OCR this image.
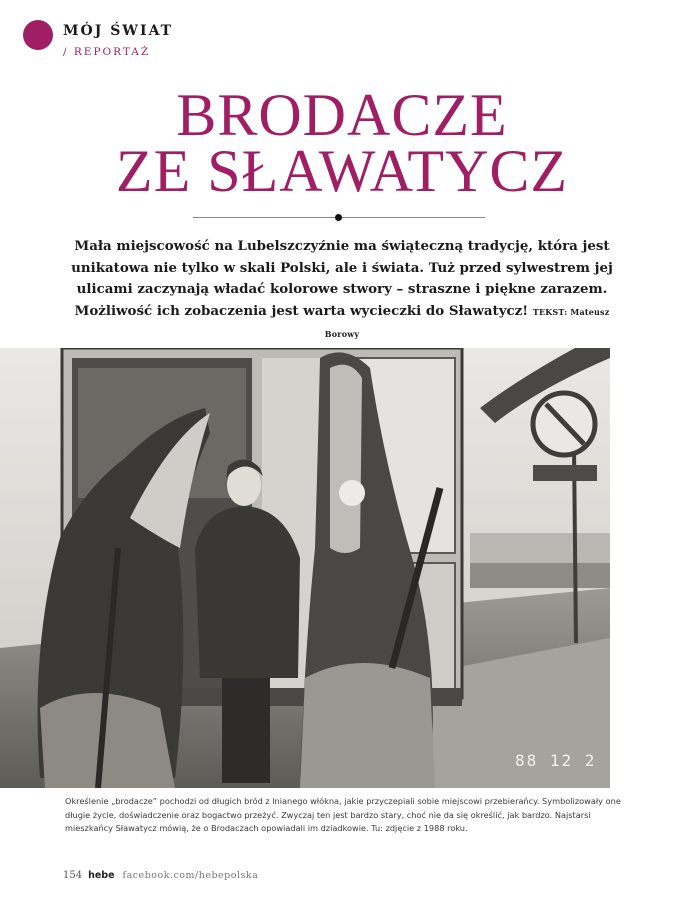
MÓJ ŚWIAT
/ REPORTAŻ
BRODACZE
ZE SŁAWATYCZ
Mała miejscowość na Lubelszczyźnie ma świąteczną tradycję, która jest unikatowa nie tylko w skali Polski, ale i świata. Tuż przed sylwestrem jej ulicami zaczynają władać kolorowe stwory – straszne i piękne zarazem. Możliwość ich zobaczenia jest warta wycieczki do Sławatycz! TEKST: Mateusz Borowy
88 12 2
Określenie „brodacze” pochodzi od długich bród z lnianego włókna, jakie przyczepiali sobie miejscowi przebierańcy. Symbolizowały one długie życie, doświadczenie oraz bogactwo przeżyć. Zwyczaj ten jest bardzo stary, choć nie da się określić, jak bardzo. Najstarsi mieszkańcy Sławatycz mówią, że o Brodaczach opowiadali im dziadkowie. Tu: zdjęcie z 1988 roku.
154 hebe facebook.com/hebepolska
